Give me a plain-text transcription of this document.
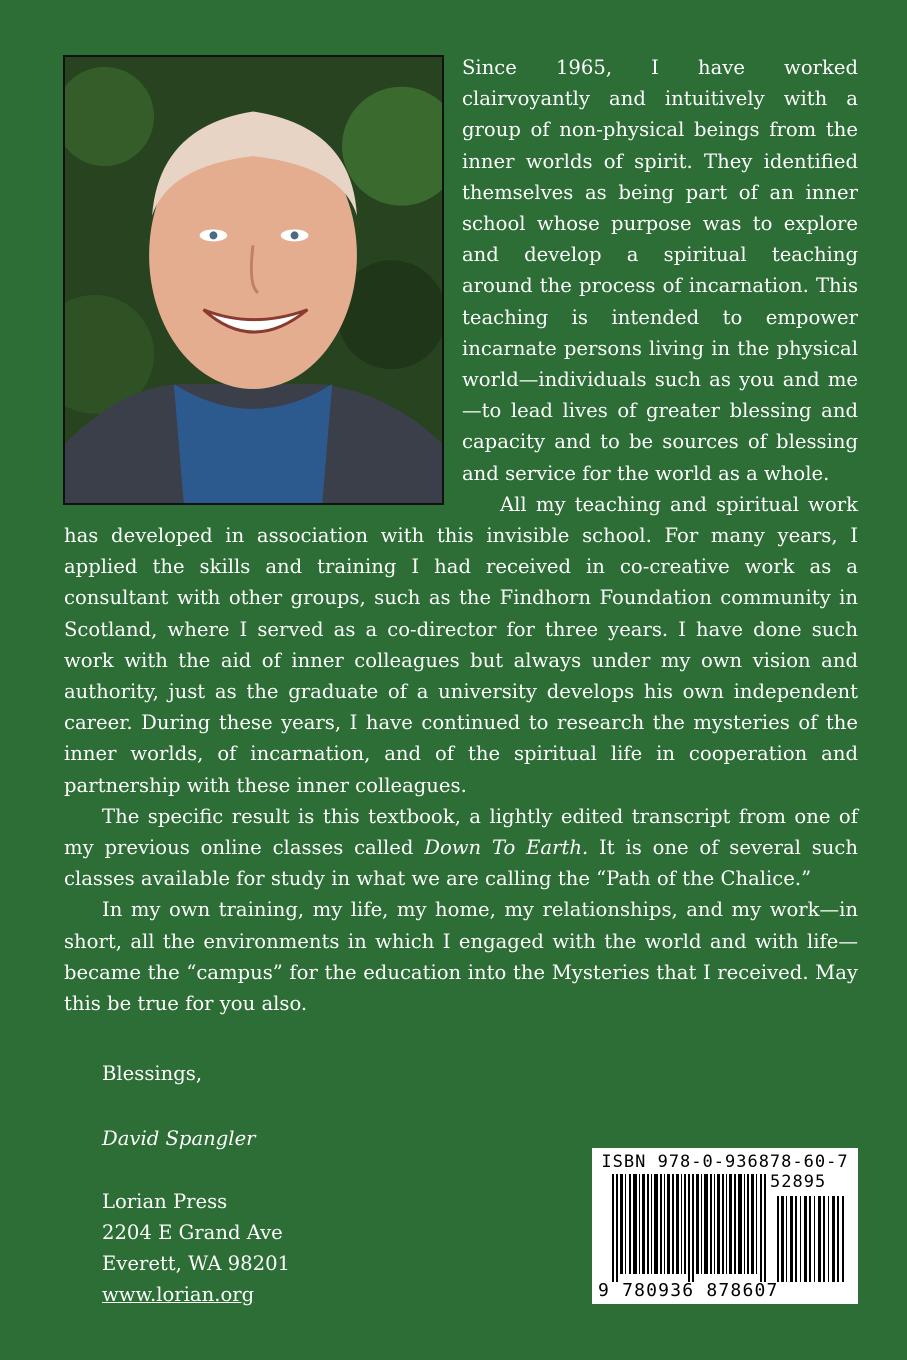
Since 1965, I have worked clairvoyantly and intuitively with a group of non-physical beings from the inner worlds of spirit. They identified themselves as being part of an inner school whose purpose was to explore and develop a spiritual teaching around the process of incarnation. This teaching is intended to empower incarnate persons living in the physical world—individuals such as you and me—to lead lives of greater blessing and capacity and to be sources of blessing and service for the world as a whole.

All my teaching and spiritual work has developed in association with this invisible school. For many years, I applied the skills and training I had received in co-creative work as a consultant with other groups, such as the Findhorn Foundation community in Scotland, where I served as a co-director for three years. I have done such work with the aid of inner colleagues but always under my own vision and authority, just as the graduate of a university develops his own independent career. During these years, I have continued to research the mysteries of the inner worlds, of incarnation, and of the spiritual life in cooperation and partnership with these inner colleagues.

The specific result is this textbook, a lightly edited transcript from one of my previous online classes called Down To Earth. It is one of several such classes available for study in what we are calling the “Path of the Chalice.”

In my own training, my life, my home, my relationships, and my work—in short, all the environments in which I engaged with the world and with life—became the “campus” for the education into the Mysteries that I received. May this be true for you also.

Blessings,

David Spangler

Lorian Press

2204 E Grand Ave

Everett, WA 98201

www.lorian.org

ISBN 978-0-936878-60-7
52895
9 780936 878607
